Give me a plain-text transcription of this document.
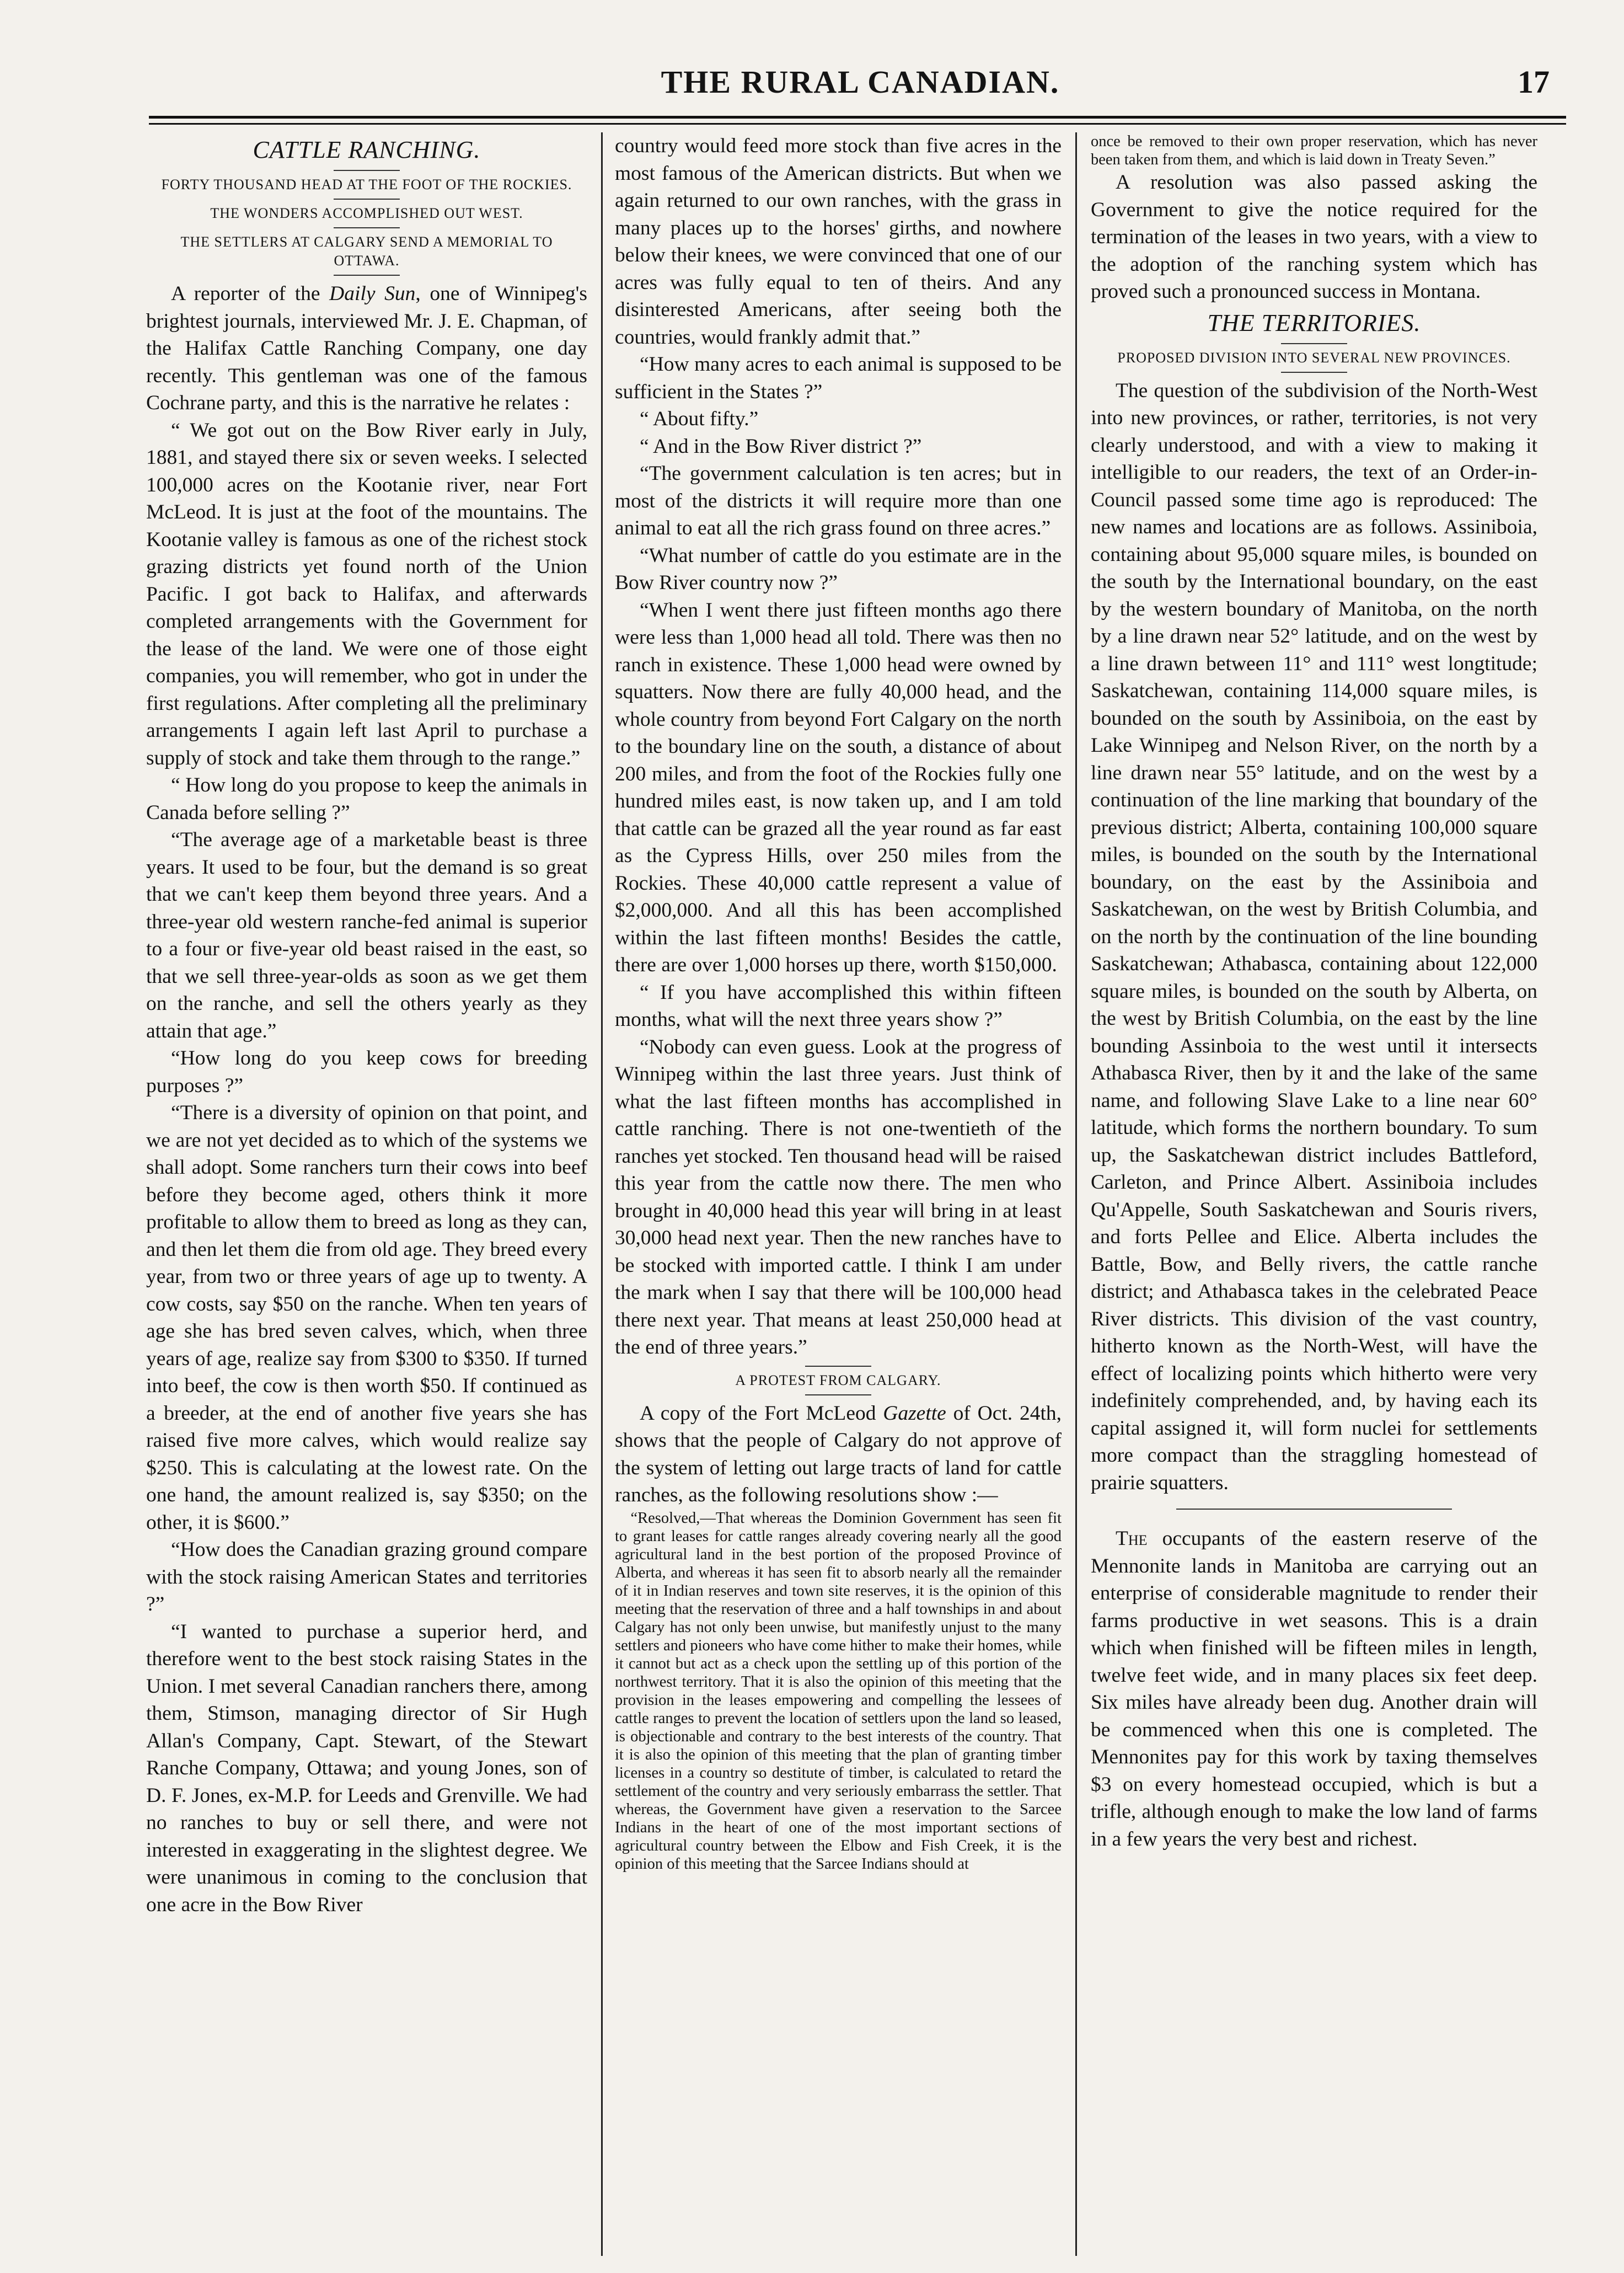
THE RURAL CANADIAN.	17
CATTLE RANCHING.
FORTY THOUSAND HEAD AT THE FOOT OF THE ROCKIES.
THE WONDERS ACCOMPLISHED OUT WEST.
THE SETTLERS AT CALGARY SEND A MEMORIAL TO OTTAWA.

A reporter of the Daily Sun, one of Winnipeg's brightest journals, interviewed Mr. J. E. Chapman, of the Halifax Cattle Ranching Company, one day recently. This gentleman was one of the famous Cochrane party, and this is the narrative he relates :

“ We got out on the Bow River early in July, 1881, and stayed there six or seven weeks. I selected 100,000 acres on the Kootanie river, near Fort McLeod. It is just at the foot of the mountains. The Kootanie valley is famous as one of the richest stock grazing districts yet found north of the Union Pacific. I got back to Halifax, and afterwards completed arrangements with the Government for the lease of the land. We were one of those eight companies, you will remember, who got in under the first regulations. After completing all the preliminary arrangements I again left last April to purchase a supply of stock and take them through to the range.”

“ How long do you propose to keep the animals in Canada before selling ?”

“The average age of a marketable beast is three years. It used to be four, but the demand is so great that we can't keep them beyond three years. And a three-year old western ranche-fed animal is superior to a four or five-year old beast raised in the east, so that we sell three-year-olds as soon as we get them on the ranche, and sell the others yearly as they attain that age.”

“How long do you keep cows for breeding purposes ?”

“There is a diversity of opinion on that point, and we are not yet decided as to which of the systems we shall adopt. Some ranchers turn their cows into beef before they become aged, others think it more profitable to allow them to breed as long as they can, and then let them die from old age. They breed every year, from two or three years of age up to twenty. A cow costs, say $50 on the ranche. When ten years of age she has bred seven calves, which, when three years of age, realize say from $300 to $350. If turned into beef, the cow is then worth $50. If continued as a breeder, at the end of another five years she has raised five more calves, which would realize say $250. This is calculating at the lowest rate. On the one hand, the amount realized is, say $350; on the other, it is $600.”

“How does the Canadian grazing ground compare with the stock raising American States and territories ?”

“I wanted to purchase a superior herd, and therefore went to the best stock raising States in the Union. I met several Canadian ranchers there, among them, Stimson, managing director of Sir Hugh Allan's Company, Capt. Stewart, of the Stewart Ranche Company, Ottawa; and young Jones, son of D. F. Jones, ex-M.P. for Leeds and Grenville. We had no ranches to buy or sell there, and were not interested in exaggerating in the slightest degree. We were unanimous in coming to the conclusion that one acre in the Bow River

country would feed more stock than five acres in the most famous of the American districts. But when we again returned to our own ranches, with the grass in many places up to the horses' girths, and nowhere below their knees, we were convinced that one of our acres was fully equal to ten of theirs. And any disinterested Americans, after seeing both the countries, would frankly admit that.”

“How many acres to each animal is supposed to be sufficient in the States ?”

“ About fifty.”

“ And in the Bow River district ?”

“The government calculation is ten acres; but in most of the districts it will require more than one animal to eat all the rich grass found on three acres.”

“What number of cattle do you estimate are in the Bow River country now ?”

“When I went there just fifteen months ago there were less than 1,000 head all told. There was then no ranch in existence. These 1,000 head were owned by squatters. Now there are fully 40,000 head, and the whole country from beyond Fort Calgary on the north to the boundary line on the south, a distance of about 200 miles, and from the foot of the Rockies fully one hundred miles east, is now taken up, and I am told that cattle can be grazed all the year round as far east as the Cypress Hills, over 250 miles from the Rockies. These 40,000 cattle represent a value of $2,000,000. And all this has been accomplished within the last fifteen months! Besides the cattle, there are over 1,000 horses up there, worth $150,000.

“ If you have accomplished this within fifteen months, what will the next three years show ?”

“Nobody can even guess. Look at the progress of Winnipeg within the last three years. Just think of what the last fifteen months has accomplished in cattle ranching. There is not one-twentieth of the ranches yet stocked. Ten thousand head will be raised this year from the cattle now there. The men who brought in 40,000 head this year will bring in at least 30,000 head next year. Then the new ranches have to be stocked with imported cattle. I think I am under the mark when I say that there will be 100,000 head there next year. That means at least 250,000 head at the end of three years.”

A PROTEST FROM CALGARY.

A copy of the Fort McLeod Gazette of Oct. 24th, shows that the people of Calgary do not approve of the system of letting out large tracts of land for cattle ranches, as the following resolutions show :—

“Resolved,—That whereas the Dominion Government has seen fit to grant leases for cattle ranges already covering nearly all the good agricultural land in the best portion of the proposed Province of Alberta, and whereas it has seen fit to absorb nearly all the remainder of it in Indian reserves and town site reserves, it is the opinion of this meeting that the reservation of three and a half townships in and about Calgary has not only been unwise, but manifestly unjust to the many settlers and pioneers who have come hither to make their homes, while it cannot but act as a check upon the settling up of this portion of the northwest territory. That it is also the opinion of this meeting that the provision in the leases empowering and compelling the lessees of cattle ranges to prevent the location of settlers upon the land so leased, is objectionable and contrary to the best interests of the country. That it is also the opinion of this meeting that the plan of granting timber licenses in a country so destitute of timber, is calculated to retard the settlement of the country and very seriously embarrass the settler. That whereas, the Government have given a reservation to the Sarcee Indians in the heart of one of the most important sections of agricultural country between the Elbow and Fish Creek, it is the opinion of this meeting that the Sarcee Indians should at

once be removed to their own proper reservation, which has never been taken from them, and which is laid down in Treaty Seven.”

A resolution was also passed asking the Government to give the notice required for the termination of the leases in two years, with a view to the adoption of the ranching system which has proved such a pronounced success in Montana.

THE TERRITORIES.
PROPOSED DIVISION INTO SEVERAL NEW PROVINCES.

The question of the subdivision of the North-West into new provinces, or rather, territories, is not very clearly understood, and with a view to making it intelligible to our readers, the text of an Order-in-Council passed some time ago is reproduced: The new names and locations are as follows. Assiniboia, containing about 95,000 square miles, is bounded on the south by the International boundary, on the east by the western boundary of Manitoba, on the north by a line drawn near 52° latitude, and on the west by a line drawn between 11° and 111° west longtitude; Saskatchewan, containing 114,000 square miles, is bounded on the south by Assiniboia, on the east by Lake Winnipeg and Nelson River, on the north by a line drawn near 55° latitude, and on the west by a continuation of the line marking that boundary of the previous district; Alberta, containing 100,000 square miles, is bounded on the south by the International boundary, on the east by the Assiniboia and Saskatchewan, on the west by British Columbia, and on the north by the continuation of the line bounding Saskatchewan; Athabasca, containing about 122,000 square miles, is bounded on the south by Alberta, on the west by British Columbia, on the east by the line bounding Assinboia to the west until it intersects Athabasca River, then by it and the lake of the same name, and following Slave Lake to a line near 60° latitude, which forms the northern boundary. To sum up, the Saskatchewan district includes Battleford, Carleton, and Prince Albert. Assiniboia includes Qu'Appelle, South Saskatchewan and Souris rivers, and forts Pellee and Elice. Alberta includes the Battle, Bow, and Belly rivers, the cattle ranche district; and Athabasca takes in the celebrated Peace River districts. This division of the vast country, hitherto known as the North-West, will have the effect of localizing points which hitherto were very indefinitely comprehended, and, by having each its capital assigned it, will form nuclei for settlements more compact than the straggling homestead of prairie squatters.

The occupants of the eastern reserve of the Mennonite lands in Manitoba are carrying out an enterprise of considerable magnitude to render their farms productive in wet seasons. This is a drain which when finished will be fifteen miles in length, twelve feet wide, and in many places six feet deep. Six miles have already been dug. Another drain will be commenced when this one is completed. The Mennonites pay for this work by taxing themselves $3 on every homestead occupied, which is but a trifle, although enough to make the low land of farms in a few years the very best and richest.
